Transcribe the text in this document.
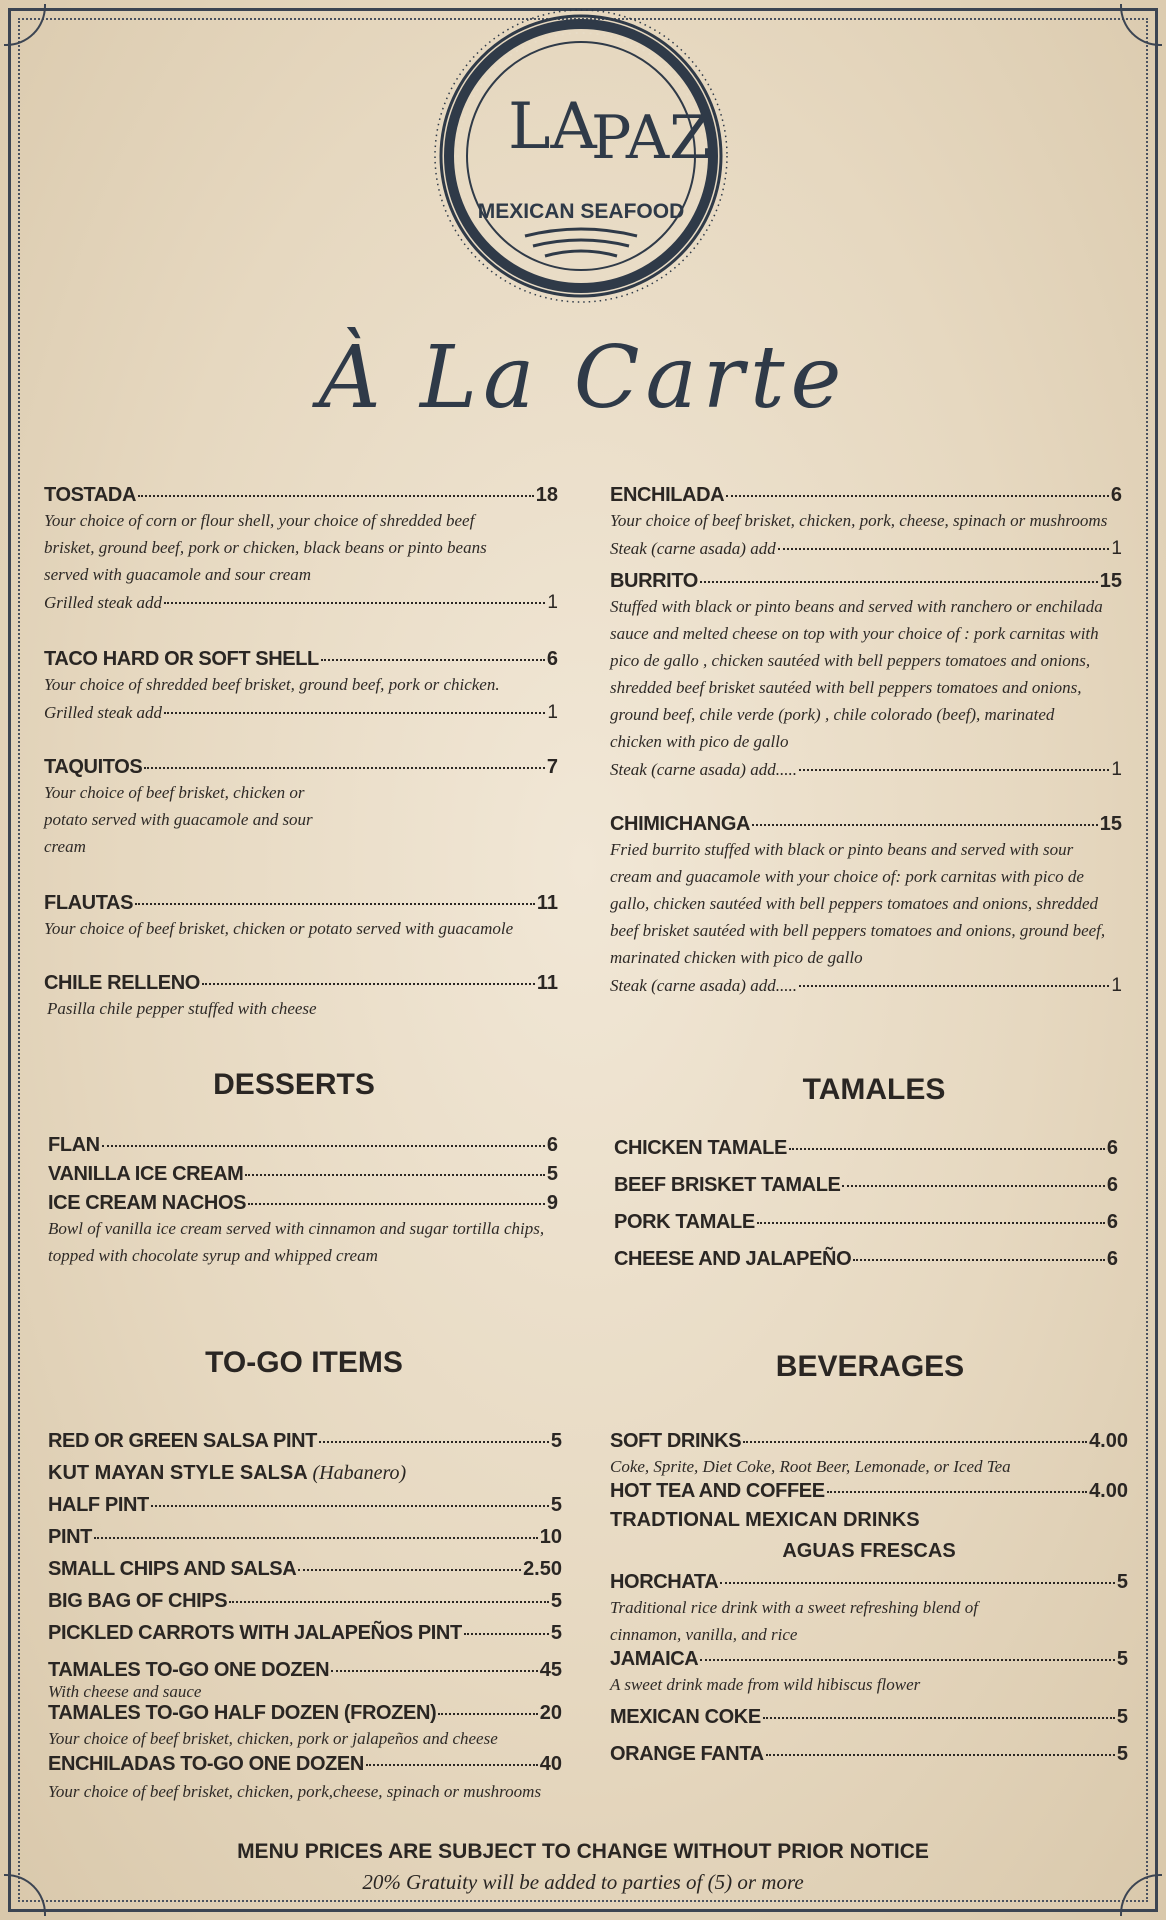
LA
PAZ
MEXICAN SEAFOOD
À La Carte
TOSTADA	18
Your choice of corn or flour shell, your choice of shredded beef brisket, ground beef, pork or chicken, black beans or pinto beans served with guacamole and sour cream
Grilled steak add	1
TACO HARD OR SOFT SHELL	6
Your choice of shredded beef brisket, ground beef, pork or chicken.
Grilled steak add	1
TAQUITOS	7
Your choice of beef brisket, chicken or potato served with guacamole and sour cream
FLAUTAS	11
Your choice of beef brisket, chicken or potato served with guacamole
CHILE RELLENO	11
Pasilla chile pepper stuffed with cheese
ENCHILADA	6
Your choice of beef brisket, chicken, pork, cheese, spinach or mushrooms
Steak (carne asada) add	1
BURRITO	15
Stuffed with black or pinto beans and served with ranchero or enchilada sauce and melted cheese on top with your choice of : pork carnitas with pico de gallo , chicken sautéed with bell peppers tomatoes and onions, shredded beef brisket sautéed with bell peppers tomatoes and onions, ground beef, chile verde (pork) , chile colorado (beef), marinated chicken with pico de gallo
Steak (carne asada) add.....	1
CHIMICHANGA	15
Fried burrito stuffed with black or pinto beans and served with sour cream and guacamole with your choice of: pork carnitas with pico de gallo, chicken sautéed with bell peppers tomatoes and onions, shredded beef brisket sautéed with bell peppers tomatoes and onions, ground beef, marinated chicken with pico de gallo
Steak (carne asada) add.....	1
DESSERTS
FLAN	6
VANILLA ICE CREAM	5
ICE CREAM NACHOS	9
Bowl of vanilla ice cream served with cinnamon and sugar tortilla chips, topped with chocolate syrup and whipped cream
TAMALES
CHICKEN TAMALE	6
BEEF BRISKET TAMALE	6
PORK TAMALE	6
CHEESE AND JALAPEÑO	6
TO-GO ITEMS
RED OR GREEN SALSA PINT	5
KUT MAYAN STYLE SALSA (Habanero)
HALF PINT	5
PINT	10
SMALL CHIPS AND SALSA	2.50
BIG BAG OF CHIPS	5
PICKLED CARROTS WITH JALAPEÑOS PINT	5
TAMALES TO-GO ONE DOZEN	45
With cheese and sauce
TAMALES TO-GO HALF DOZEN (FROZEN)	20
Your choice of beef brisket, chicken, pork or jalapeños and cheese
ENCHILADAS TO-GO ONE DOZEN	40
Your choice of beef brisket, chicken, pork,cheese, spinach or mushrooms
BEVERAGES
SOFT DRINKS	4.00
Coke, Sprite, Diet Coke, Root Beer, Lemonade, or Iced Tea
HOT TEA AND COFFEE	4.00
TRADTIONAL MEXICAN DRINKS
AGUAS FRESCAS
HORCHATA	5
Traditional rice drink with a sweet refreshing blend of cinnamon, vanilla, and rice
JAMAICA	5
A sweet drink made from wild hibiscus flower
MEXICAN COKE	5
ORANGE FANTA	5
MENU PRICES ARE SUBJECT TO CHANGE WITHOUT PRIOR NOTICE
20% Gratuity will be added to parties of (5) or more
